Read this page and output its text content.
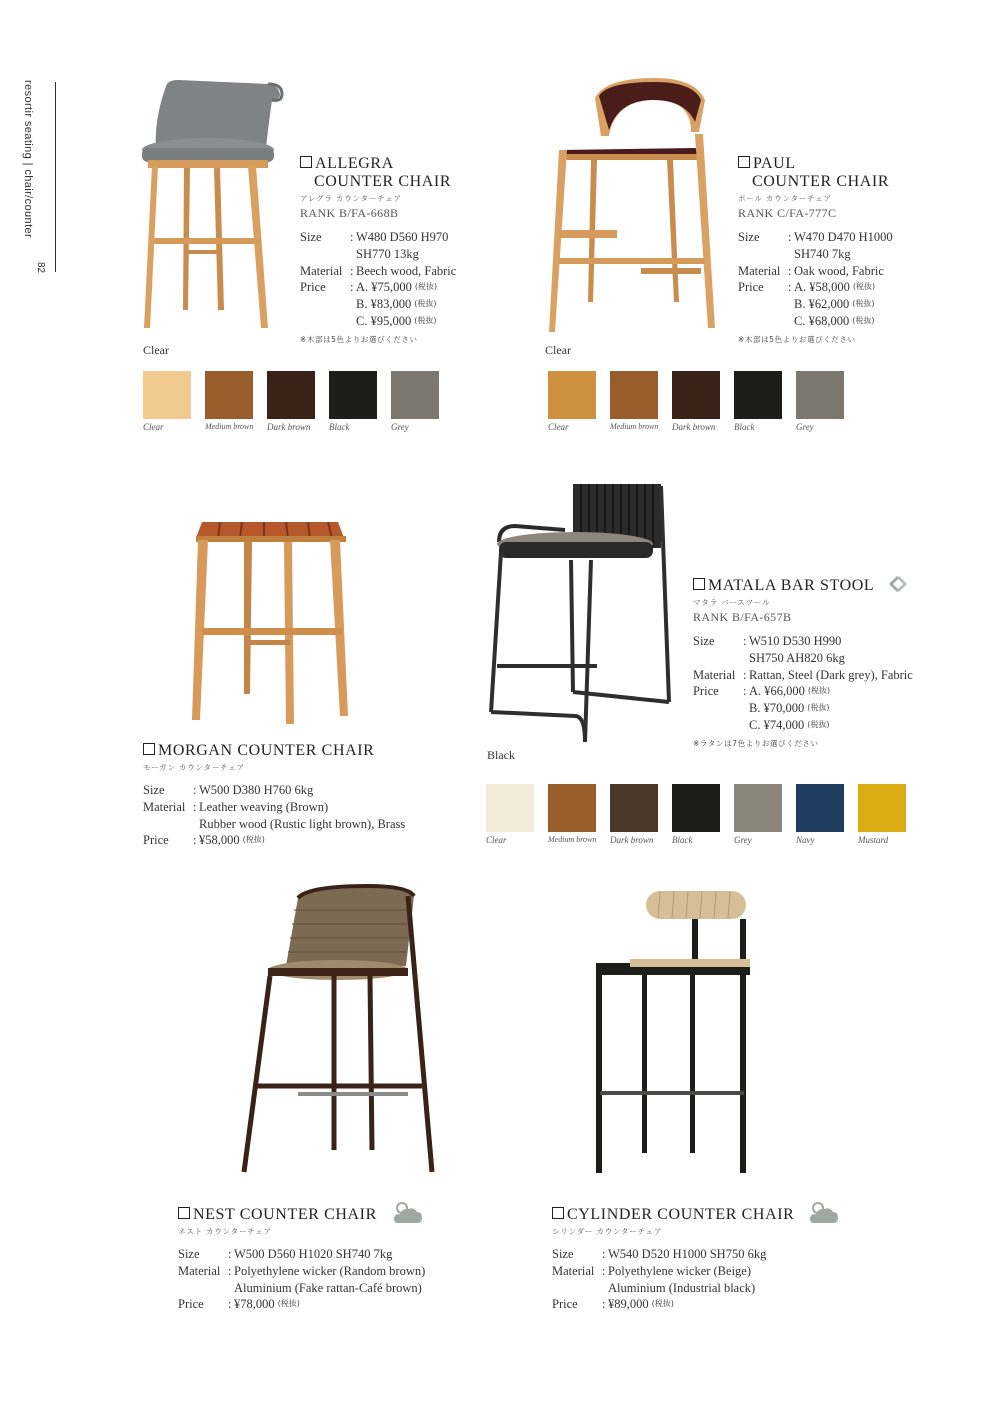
resortir seating | chair/counter
82
Clear
ALLEGRA
COUNTER CHAIR
アレグラ カウンターチェア
RANK B/FA-668B
Size	: W480 D560 H970
SH770 13kg
Material : Beech wood, Fabric
Price	: A. ¥75,000 (税抜)
B. ¥83,000 (税抜)
C. ¥95,000 (税抜)
※木部は5色よりお選びください
Clear	Medium brown Dark brown Black	Grey
Clear
PAUL
COUNTER CHAIR
ポール カウンターチェア
RANK C/FA-777C
Size	: W470 D470 H1000
SH740 7kg
Material : Oak wood, Fabric
Price	: A. ¥58,000 (税抜)
B. ¥62,000 (税抜)
C. ¥68,000 (税抜)
※木部は5色よりお選びください
Clear	Medium brown Dark brown Black	Grey
MORGAN COUNTER CHAIR
モーガン カウンターチェア
Size	: W500 D380 H760 6kg
Material : Leather weaving (Brown)
Rubber wood (Rustic light brown), Brass
Price	: ¥58,000 (税抜)
Black
MATALA BAR STOOL
マタラ バースツール
RANK B/FA-657B
Size	: W510 D530 H990
SH750 AH820 6kg
Material : Rattan, Steel (Dark grey), Fabric
Price	: A. ¥66,000 (税抜)
B. ¥70,000 (税抜)
C. ¥74,000 (税抜)
※ラタンは7色よりお選びください
Clear	Medium brown Dark brown Black	Grey	Navy	Mustard
NEST COUNTER CHAIR
ネスト カウンターチェア
Size	: W500 D560 H1020 SH740 7kg
Material : Polyethylene wicker (Random brown)
Aluminium (Fake rattan-Café brown)
Price	: ¥78,000 (税抜)
CYLINDER COUNTER CHAIR
シリンダー カウンターチェア
Size	: W540 D520 H1000 SH750 6kg
Material : Polyethylene wicker (Beige)
Aluminium (Industrial black)
Price	: ¥89,000 (税抜)
